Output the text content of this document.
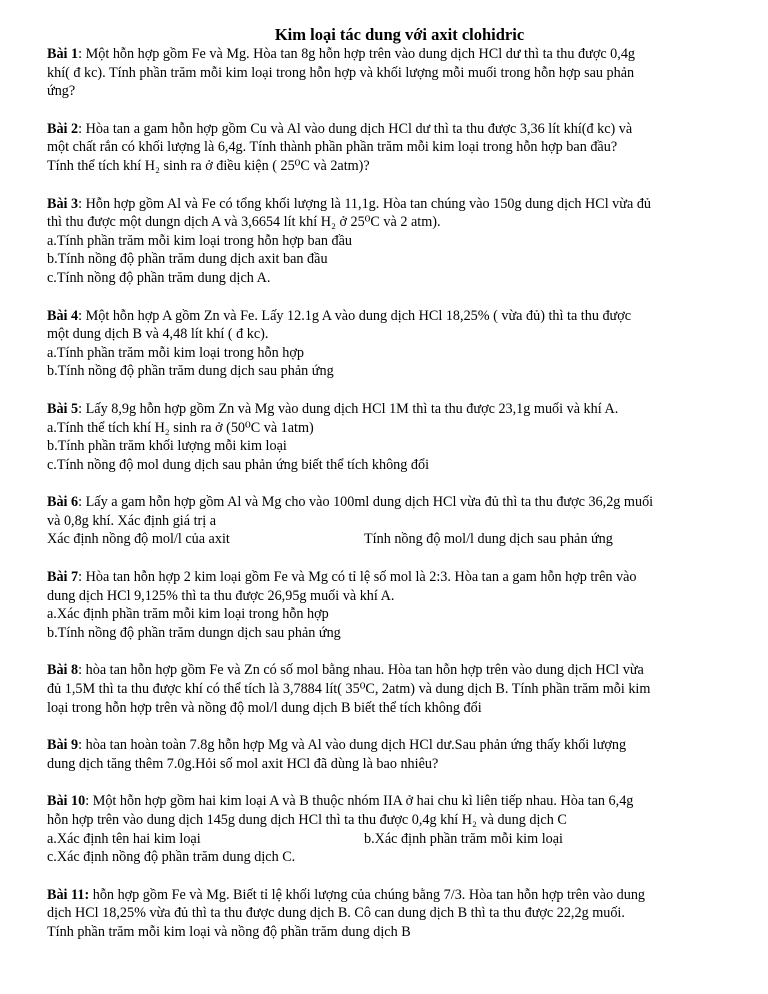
Kim loại tác dung với axit clohidric
Bài 1: Một hỗn hợp gồm Fe và Mg. Hòa tan 8g hỗn hợp trên vào dung dịch HCl dư thì ta thu được 0,4g
khí( đ kc). Tính phần trăm mỗi kim loại trong hỗn hợp và khối lượng mỗi muối trong hỗn hợp sau phản
ứng?
Bài 2: Hòa tan a gam hỗn hợp gồm Cu và Al vào dung dịch HCl dư thì ta thu được 3,36 lít khí(đ kc) và
một chất rắn có khối lượng là 6,4g. Tính thành phần phần trăm mỗi kim loại trong hỗn hợp ban đầu?
Tính thể tích khí H₂ sinh ra ở điều kiện ( 25⁰C và 2atm)?
Bài 3: Hỗn hợp gồm Al và Fe có tổng khối lượng là 11,1g. Hòa tan chúng vào 150g dung dịch HCl vừa đủ
thì thu được một dungn dịch A và 3,6654 lít khí H₂ ở 25⁰C và 2 atm).
a.Tính phần trăm mỗi kim loại trong hỗn hợp ban đầu
b.Tính nồng độ phần trăm dung dịch axit ban đầu
c.Tính nồng độ phần trăm dung dịch A.
Bài 4: Một hỗn hợp A gồm Zn và Fe. Lấy 12.1g A vào dung dịch HCl 18,25% ( vừa đủ) thì ta thu được
một dung dịch B và 4,48 lít khí ( đ kc).
a.Tính phần trăm mỗi kim loại trong hỗn hợp
b.Tính nồng độ phần trăm dung dịch sau phản ứng
Bài 5: Lấy 8,9g hỗn hợp gồm Zn và Mg vào dung dịch HCl 1M thì ta thu được 23,1g muối và khí A.
a.Tính thể tích khí H₂ sinh ra ở (50⁰C và 1atm)
b.Tính phần trăm khối lượng mỗi kim loại
c.Tính nồng độ mol dung dịch sau phản ứng biết thể tích không đổi
Bài 6: Lấy a gam hỗn hợp gồm Al và Mg cho vào 100ml dung dịch HCl vừa đủ thì ta thu được 36,2g muối
và 0,8g khí. Xác định giá trị a
Xác định nồng độ mol/l của axit	Tính nồng độ mol/l dung dịch sau phản ứng
Bài 7: Hòa tan hỗn hợp 2 kim loại gồm Fe và Mg có tỉ lệ số mol là 2:3. Hòa tan a gam hỗn hợp trên vào
dung dịch HCl 9,125% thì ta thu được 26,95g muối và khí A.
a.Xác định phần trăm mỗi kim loại trong hỗn hợp
b.Tính nồng độ phần trăm dungn dịch sau phản ứng
Bài 8: hòa tan hỗn hợp gồm Fe và Zn có số mol bằng nhau. Hòa tan hỗn hợp trên vào dung dịch HCl vừa
đủ 1,5M thì ta thu được khí có thể tích là 3,7884 lít( 35⁰C, 2atm) và dung dịch B. Tính phần trăm mỗi kim
loại trong hỗn hợp trên và nồng độ mol/l dung dịch B biết thể tích không đổi
Bài 9: hòa tan hoàn toàn 7.8g hỗn hợp Mg và Al vào dung dịch HCl dư.Sau phản ứng thấy khối lượng
dung dịch tăng thêm 7.0g.Hỏi số mol axit HCl đã dùng là bao nhiêu?
Bài 10: Một hỗn hợp gồm hai kim loại A và B thuộc nhóm IIA ở hai chu kì liên tiếp nhau. Hòa tan 6,4g
hỗn hợp trên vào dung dịch 145g dung dịch HCl thì ta thu được 0,4g khí H₂ và dung dịch C
a.Xác định tên hai kim loại	b.Xác định phần trăm mỗi kim loại
c.Xác định nồng độ phần trăm dung dịch C.
Bài 11: hỗn hợp gồm Fe và Mg. Biết tỉ lệ khối lượng của chúng bằng 7/3. Hòa tan hỗn hợp trên vào dung
dịch HCl 18,25% vừa đủ thì ta thu được dung dịch B. Cô can dung dịch B thì ta thu được 22,2g muối.
Tính phần trăm mỗi kim loại và nồng độ phần trăm dung dịch B
